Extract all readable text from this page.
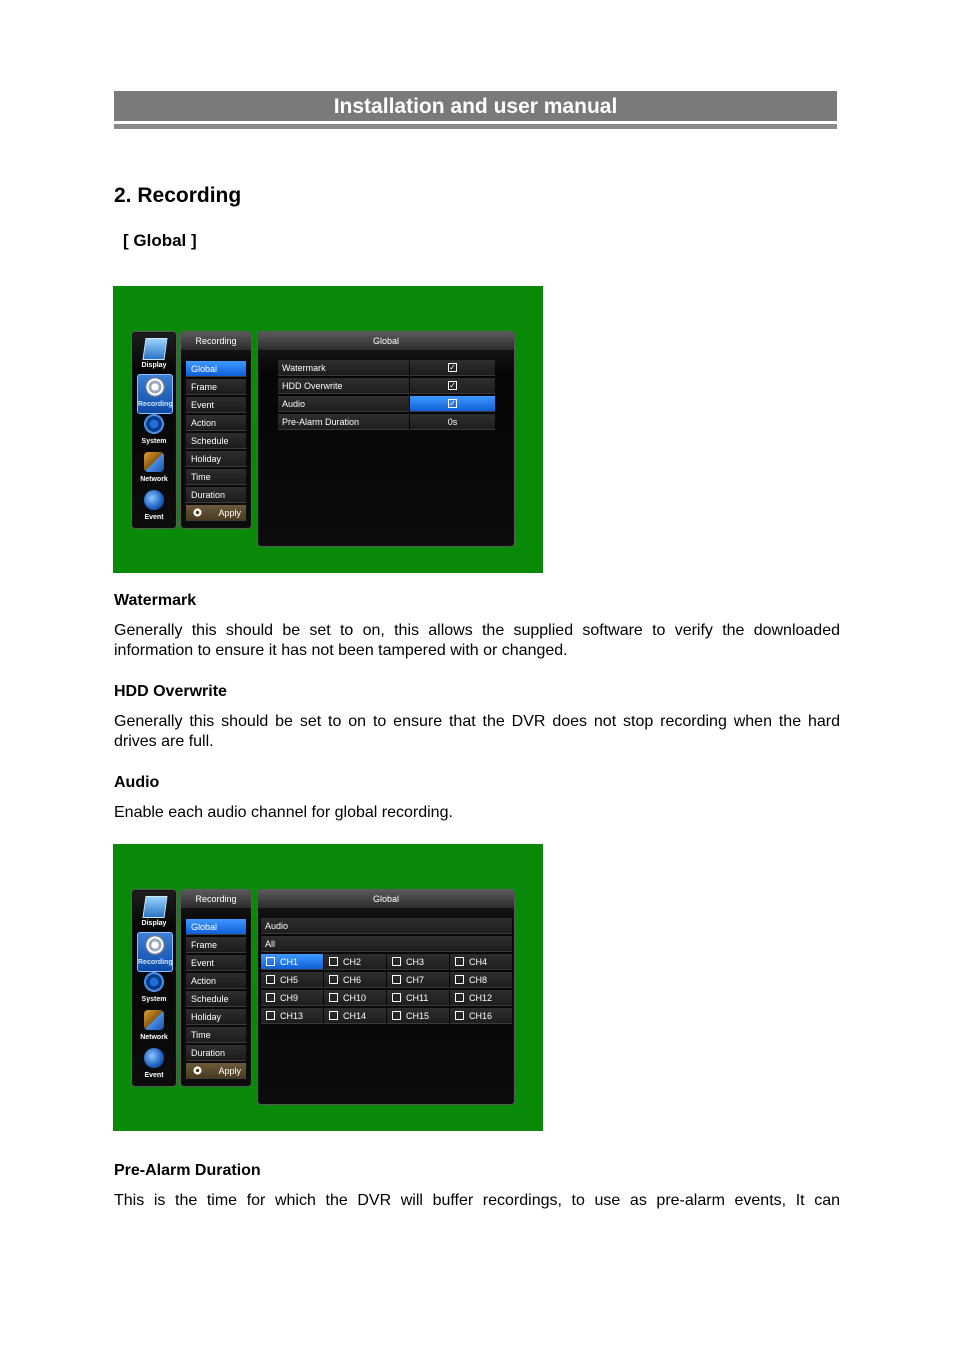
Installation and user manual
2. Recording
[ Global ]
Display
Recording
System
Network
Event
Recording
Global
Frame
Event
Action
Schedule
Holiday
Time
Duration
Apply
Global
Watermark	✓
HDD Overwrite	✓
Audio	✓
Pre-Alarm Duration	0s
Watermark
Generally this should be set to on, this allows the supplied software to verify the downloaded information to ensure it has not been tampered with or changed.
HDD Overwrite
Generally this should be set to on to ensure that the DVR does not stop recording when the hard drives are full.
Audio
Enable each audio channel for global recording.
Display
Recording
System
Network
Event
Recording
Global
Frame
Event
Action
Schedule
Holiday
Time
Duration
Apply
Global
Audio
All
CH1	CH2	CH3	CH4
CH5	CH6	CH7	CH8
CH9	CH10	CH11	CH12
CH13	CH14	CH15	CH16
Pre-Alarm Duration
This is the time for which the DVR will buffer recordings, to use as pre-alarm events, It can
